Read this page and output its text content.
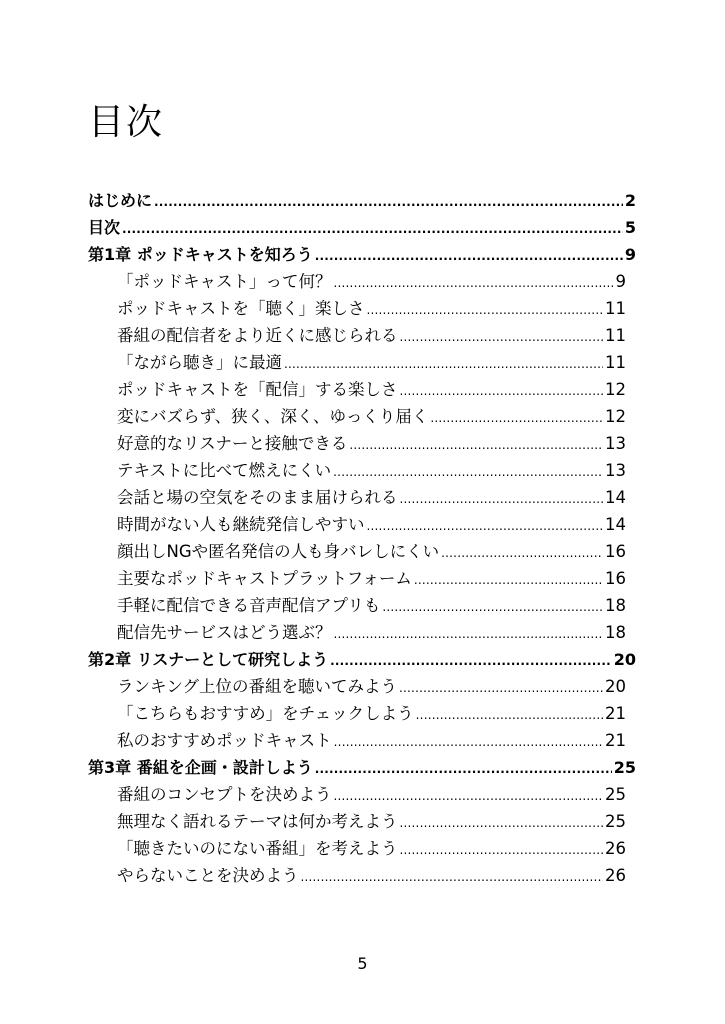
目次
はじめに .....	2
目次 .....	5
第1章 ポッドキャストを知ろう .....	9
「ポッドキャスト」って何？ .....	9
ポッドキャストを「聴く」楽しさ .....	11
番組の配信者をより近くに感じられる .....	11
「ながら聴き」に最適 .....	11
ポッドキャストを「配信」する楽しさ .....	12
変にバズらず、狭く、深く、ゆっくり届く .....	12
好意的なリスナーと接触できる .....	13
テキストに比べて燃えにくい .....	13
会話と場の空気をそのまま届けられる .....	14
時間がない人も継続発信しやすい .....	14
顔出しNGや匿名発信の人も身バレしにくい .....	16
主要なポッドキャストプラットフォーム .....	16
手軽に配信できる音声配信アプリも .....	18
配信先サービスはどう選ぶ？ .....	18
第2章 リスナーとして研究しよう .....	20
ランキング上位の番組を聴いてみよう .....	20
「こちらもおすすめ」をチェックしよう .....	21
私のおすすめポッドキャスト .....	21
第3章 番組を企画・設計しよう .....	25
番組のコンセプトを決めよう .....	25
無理なく語れるテーマは何か考えよう .....	25
「聴きたいのにない番組」を考えよう .....	26
やらないことを決めよう .....	26
5
